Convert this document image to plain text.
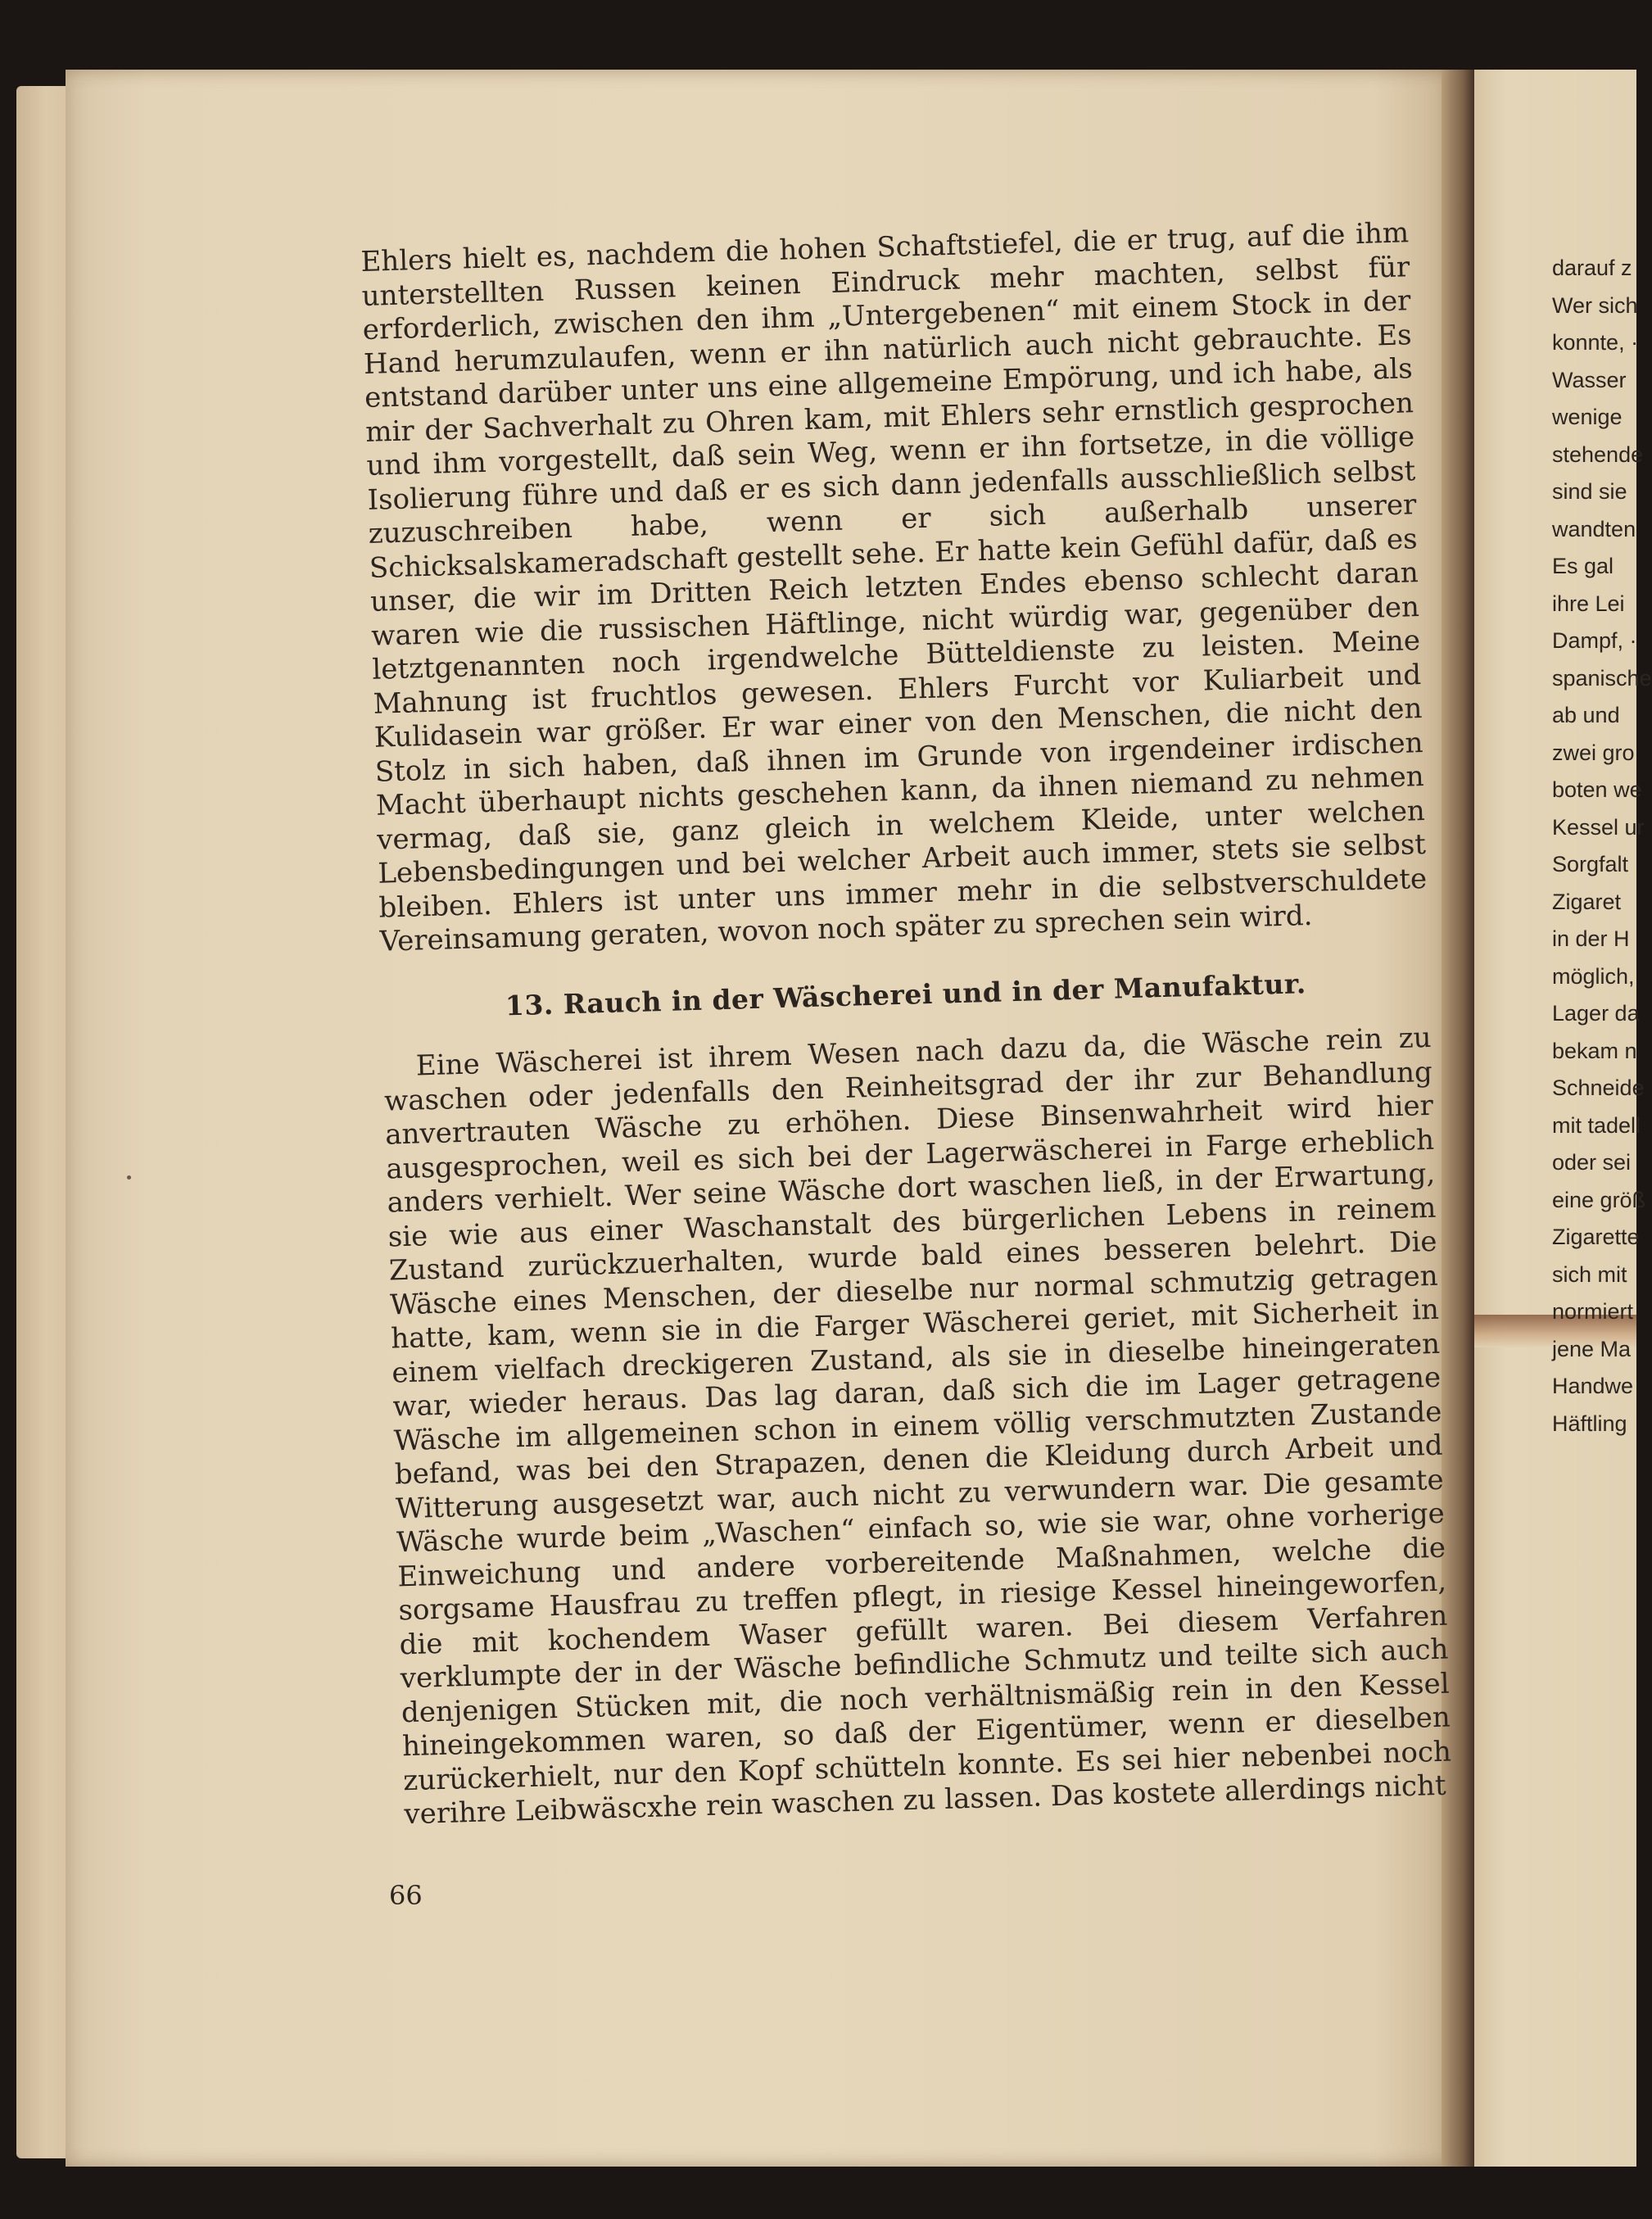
Ehlers hielt es, nachdem die hohen Schaftstiefel, die er trug, auf die ihm unterstellten Russen keinen Eindruck mehr machten, selbst für erforderlich, zwischen den ihm „Untergebenen“ mit einem Stock in der Hand herumzulaufen, wenn er ihn natürlich auch nicht gebrauchte. Es entstand darüber unter uns eine allgemeine Empörung, und ich habe, als mir der Sachverhalt zu Ohren kam, mit Ehlers sehr ernstlich gesprochen und ihm vorgestellt, daß sein Weg, wenn er ihn fortsetze, in die völlige Isolierung führe und daß er es sich dann jedenfalls ausschließlich selbst zuzuschreiben habe, wenn er sich außerhalb unserer Schicksalskameradschaft gestellt sehe. Er hatte kein Gefühl dafür, daß es unser, die wir im Dritten Reich letzten Endes ebenso schlecht daran waren wie die russischen Häftlinge, nicht würdig war, gegenüber den letztgenannten noch irgendwelche Bütteldienste zu leisten. Meine Mahnung ist fruchtlos gewesen. Ehlers Furcht vor Kuliarbeit und Kulidasein war größer. Er war einer von den Menschen, die nicht den Stolz in sich haben, daß ihnen im Grunde von irgendeiner irdischen Macht überhaupt nichts geschehen kann, da ihnen niemand zu nehmen vermag, daß sie, ganz gleich in welchem Kleide, unter welchen Lebensbedingungen und bei welcher Arbeit auch immer, stets sie selbst bleiben. Ehlers ist unter uns immer mehr in die selbstverschuldete Vereinsamung geraten, wovon noch später zu sprechen sein wird.

13. Rauch in der Wäscherei und in der Manufaktur.

Eine Wäscherei ist ihrem Wesen nach dazu da, die Wäsche rein zu waschen oder jedenfalls den Reinheitsgrad der ihr zur Behandlung anvertrauten Wäsche zu erhöhen. Diese Binsenwahrheit wird hier ausgesprochen, weil es sich bei der Lagerwäscherei in Farge erheblich anders verhielt. Wer seine Wäsche dort waschen ließ, in der Erwartung, sie wie aus einer Waschanstalt des bürgerlichen Lebens in reinem Zustand zurückzuerhalten, wurde bald eines besseren belehrt. Die Wäsche eines Menschen, der dieselbe nur normal schmutzig getragen hatte, kam, wenn sie in die Farger Wäscherei geriet, mit Sicherheit in einem vielfach dreckigeren Zustand, als sie in dieselbe hineingeraten war, wieder heraus. Das lag daran, daß sich die im Lager getragene Wäsche im allgemeinen schon in einem völlig verschmutzten Zustande befand, was bei den Strapazen, denen die Kleidung durch Arbeit und Witterung ausgesetzt war, auch nicht zu verwundern war. Die gesamte Wäsche wurde beim „Waschen“ einfach so, wie sie war, ohne vorherige Einweichung und andere vorbereitende Maßnahmen, welche die sorgsame Hausfrau zu treffen pflegt, in riesige Kessel hineingeworfen, die mit kochendem Waser gefüllt waren. Bei diesem Verfahren verklumpte der in der Wäsche befindliche Schmutz und teilte sich auch denjenigen Stücken mit, die noch verhältnismäßig rein in den Kessel hineingekommen waren, so daß der Eigentümer, wenn er dieselben zurückerhielt, nur den Kopf schütteln konnte. Es sei hier nebenbei noch verihre Leibwäscxhe rein waschen zu lassen. Das kostete allerdings nicht

66
darauf z
Wer sich
konnte, ·
Wasser
wenige
stehende
sind sie
wandten
Es gal
ihre Lei
Dampf, ·
spanische
ab und
zwei gro
boten we
Kessel ur
Sorgfalt
Zigaret
in der H
möglich,
Lager da
bekam n
Schneide
mit tadell
oder sei
eine größ
Zigarette
sich mit
normiert
jene Ma
Handwe
Häftling
